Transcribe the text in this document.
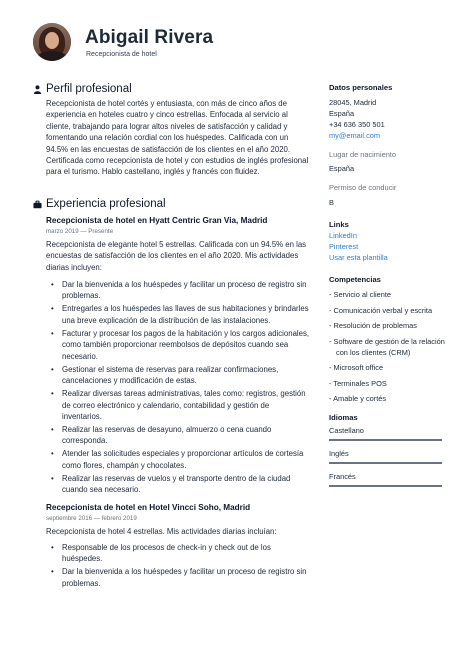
Abigail Rivera
Recepcionista de hotel
Perfil profesional
Recepcionista de hotel cortés y entusiasta, con más de cinco años de experiencia en hoteles cuatro y cinco estrellas. Enfocada al servicio al cliente, trabajando para lograr altos niveles de satisfacción y calidad y fomentando una relación cordial con los huéspedes. Calificada con un 94.5% en las encuestas de satisfacción de los clientes en el año 2020. Certificada como recepcionista de hotel y con estudios de inglés profesional para el turismo. Hablo castellano, inglés y francés con fluidez.
Experiencia profesional
Recepcionista de hotel en Hyatt Centric Gran Via, Madrid
marzo 2019 — Presente
Recepcionista de elegante hotel 5 estrellas. Calificada con un 94.5% en las encuestas de satisfacción de los clientes en el año 2020. Mis actividades diarias incluyen:
• Dar la bienvenida a los huéspedes y facilitar un proceso de registro sin problemas.
• Entregarles a los huéspedes las llaves de sus habitaciones y brindarles una breve explicación de la distribución de las instalaciones.
• Facturar y procesar los pagos de la habitación y los cargos adicionales, como también proporcionar reembolsos de depósitos cuando sea necesario.
• Gestionar el sistema de reservas para realizar confirmaciones, cancelaciones y modificación de estas.
• Realizar diversas tareas administrativas, tales como: registros, gestión de correo electrónico y calendario, contabilidad y gestión de inventarios.
• Realizar las reservas de desayuno, almuerzo o cena cuando corresponda.
• Atender las solicitudes especiales y proporcionar artículos de cortesía como flores, champán y chocolates.
• Realizar las reservas de vuelos y el transporte dentro de la ciudad cuando sea necesario.
Recepcionista de hotel en Hotel Vincci Soho, Madrid
septiembre 2016 — febrero 2019
Recepcionista de hotel 4 estrellas. Mis actividades diarias incluían:
• Responsable de los procesos de check-in y check out de los huéspedes.
• Dar la bienvenida a los huéspedes y facilitar un proceso de registro sin problemas.
Datos personales
28045, Madrid
España
+34 636 350 501
my@email.com
Lugar de nacimiento
España
Permiso de conducir
B
Links
LinkedIn
Pinterest
Usar esta plantilla
Competencias
- Servicio al cliente
- Comunicación verbal y escrita
- Resolución de problemas
- Software de gestión de la relación con los clientes (CRM)
- Microsoft office
- Terminales POS
- Amable y cortés
Idiomas
Castellano
Inglés
Francés
